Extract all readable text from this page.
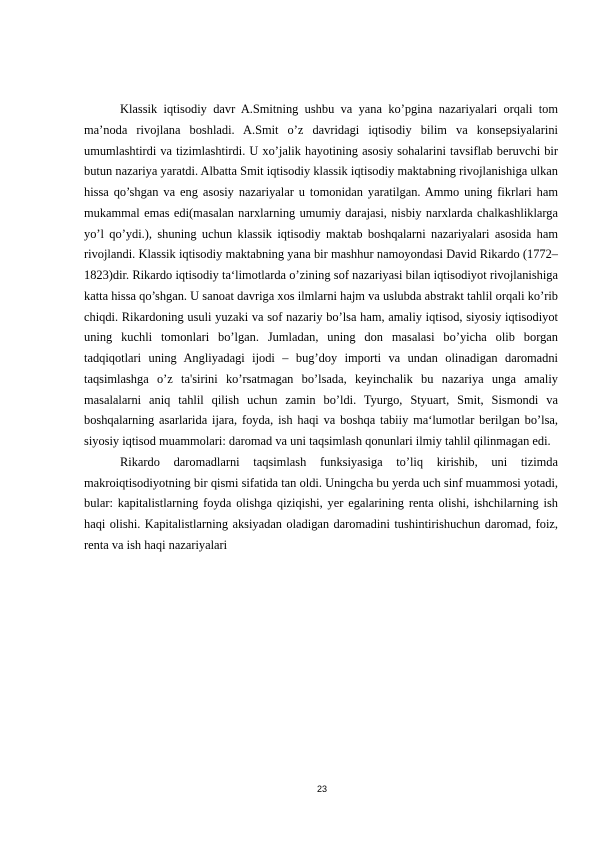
Klassik iqtisodiy davr A.Smitning ushbu va yana ko’pgina nazariyalari orqali tom ma’noda rivojlana boshladi. A.Smit o’z davridagi iqtisodiy bilim va konsepsiyalarini umumlashtirdi va tizimlashtirdi. U xo’jalik hayotining asosiy sohalarini tavsiflab beruvchi bir butun nazariya yaratdi. Albatta Smit iqtisodiy klassik iqtisodiy maktabning rivojlanishiga ulkan hissa qo’shgan va eng asosiy nazariyalar u tomonidan yaratilgan. Ammo uning fikrlari ham mukammal emas edi(masalan narxlarning umumiy darajasi, nisbiy narxlarda chalkashliklarga yo’l qo’ydi.), shuning uchun klassik iqtisodiy maktab boshqalarni nazariyalari asosida ham rivojlandi. Klassik iqtisodiy maktabning yana bir mashhur namoyondasi David Rikardo (1772– 1823)dir. Rikardo iqtisodiy ta‘limotlarda o’zining sof nazariyasi bilan iqtisodiyot rivojlanishiga katta hissa qo’shgan. U sanoat davriga xos ilmlarni hajm va uslubda abstrakt tahlil orqali ko’rib chiqdi. Rikardoning usuli yuzaki va sof nazariy bo’lsa ham, amaliy iqtisod, siyosiy iqtisodiyot uning kuchli tomonlari bo’lgan. Jumladan, uning don masalasi bo’yicha olib borgan tadqiqotlari uning Angliyadagi ijodi – bug’doy importi va undan olinadigan daromadni taqsimlashga o’z ta'sirini ko’rsatmagan bo’lsada, keyinchalik bu nazariya unga amaliy masalalarni aniq tahlil qilish uchun zamin bo’ldi. Tyurgo, Styuart, Smit, Sismondi va boshqalarning asarlarida ijara, foyda, ish haqi va boshqa tabiiy ma‘lumotlar berilgan bo’lsa, siyosiy iqtisod muammolari: daromad va uni taqsimlash qonunlari ilmiy tahlil qilinmagan edi.

Rikardo daromadlarni taqsimlash funksiyasiga to’liq kirishib, uni tizimda makroiqtisodiyotning bir qismi sifatida tan oldi. Uningcha bu yerda uch sinf muammosi yotadi, bular: kapitalistlarning foyda olishga qiziqishi, yer egalarining renta olishi, ishchilarning ish haqi olishi. Kapitalistlarning aksiyadan oladigan daromadini tushintirishuchun daromad, foiz, renta va ish haqi nazariyalari

23
